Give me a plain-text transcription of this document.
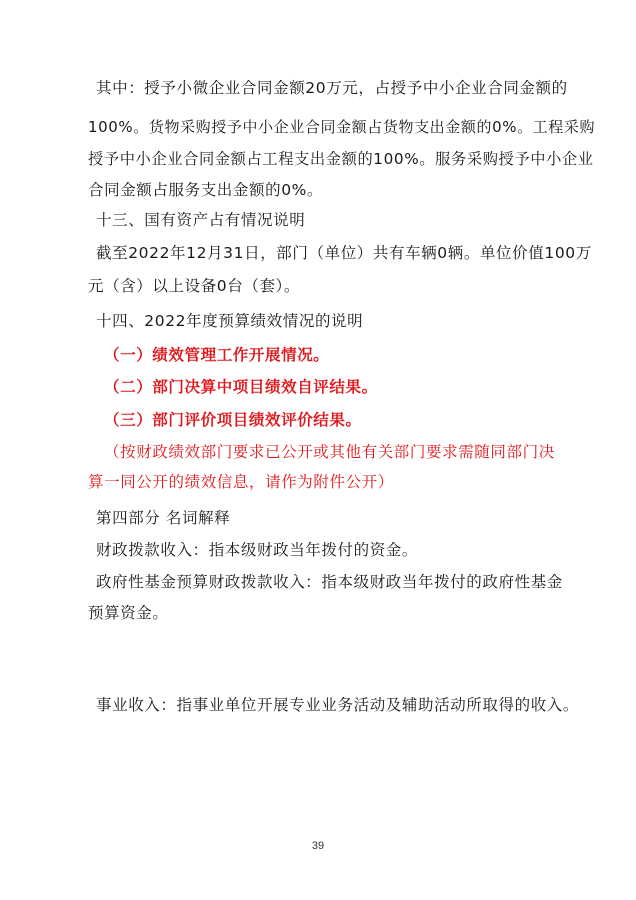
其中：授予小微企业合同金额20万元，占授予中小企业合同金额的
100%。货物采购授予中小企业合同金额占货物支出金额的0%。工程采购
授予中小企业合同金额占工程支出金额的100%。服务采购授予中小企业
合同金额占服务支出金额的0%。
十三、国有资产占有情况说明
截至2022年12月31日，部门（单位）共有车辆0辆。单位价值100万
元（含）以上设备0台（套）。
十四、2022年度预算绩效情况的说明
（一）绩效管理工作开展情况。
（二）部门决算中项目绩效自评结果。
（三）部门评价项目绩效评价结果。
（按财政绩效部门要求已公开或其他有关部门要求需随同部门决
算一同公开的绩效信息，请作为附件公开）
第四部分 名词解释
财政拨款收入：指本级财政当年拨付的资金。
政府性基金预算财政拨款收入：指本级财政当年拨付的政府性基金
预算资金。
事业收入：指事业单位开展专业业务活动及辅助活动所取得的收入。
39
